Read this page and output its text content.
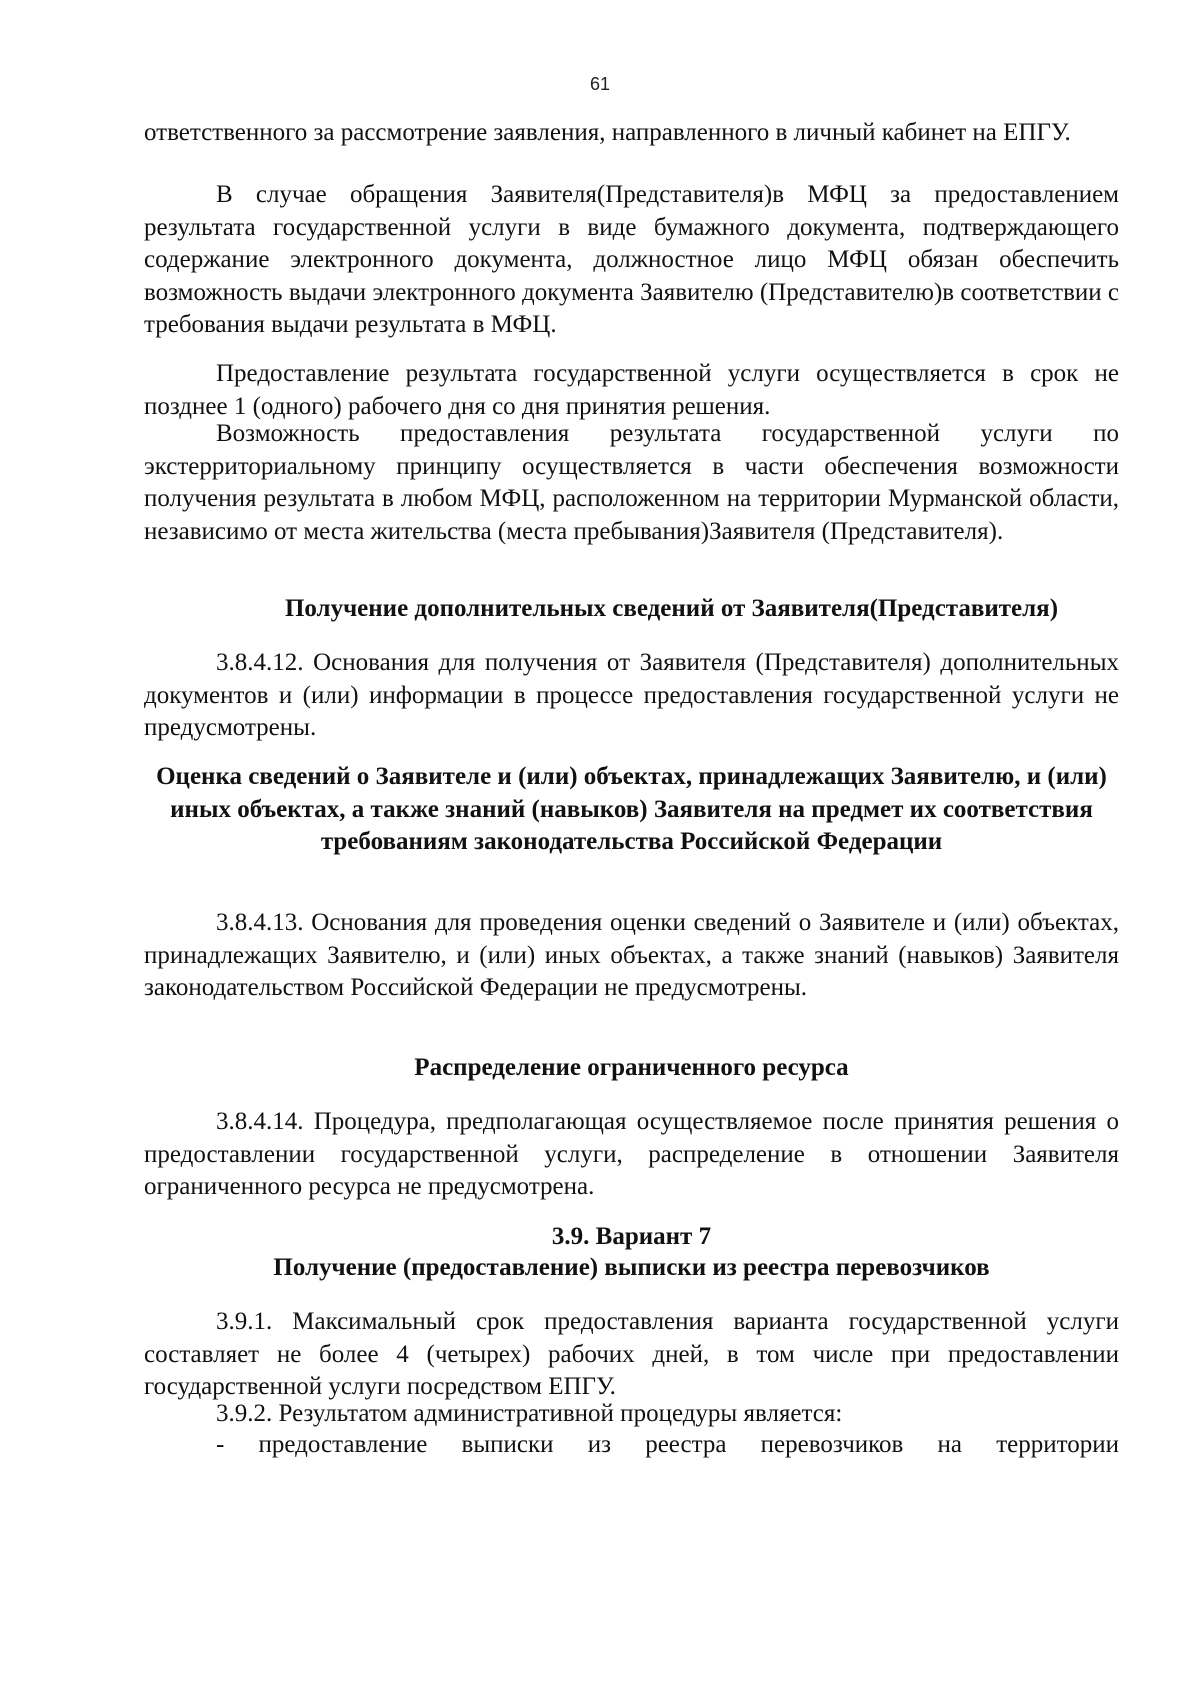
61

ответственного за рассмотрение заявления, направленного в личный кабинет на ЕПГУ.

В случае обращения Заявителя(Представителя)в МФЦ за предоставлением результата государственной услуги в виде бумажного документа, подтверждающего содержание электронного документа, должностное лицо МФЦ обязан обеспечить возможность выдачи электронного документа Заявителю (Представителю)в соответствии с требования выдачи результата в МФЦ.

Предоставление результата государственной услуги осуществляется в срок не позднее 1 (одного) рабочего дня со дня принятия решения.

Возможность предоставления результата государственной услуги по экстерриториальному принципу осуществляется в части обеспечения возможности получения результата в любом МФЦ, расположенном на территории Мурманской области, независимо от места жительства (места пребывания)Заявителя (Представителя).

Получение дополнительных сведений от Заявителя(Представителя)

3.8.4.12. Основания для получения от Заявителя (Представителя) дополнительных документов и (или) информации в процессе предоставления государственной услуги не предусмотрены.

Оценка сведений о Заявителе и (или) объектах, принадлежащих Заявителю, и (или) иных объектах, а также знаний (навыков) Заявителя на предмет их соответствия требованиям законодательства Российской Федерации

3.8.4.13. Основания для проведения оценки сведений о Заявителе и (или) объектах, принадлежащих Заявителю, и (или) иных объектах, а также знаний (навыков) Заявителя законодательством Российской Федерации не предусмотрены.

Распределение ограниченного ресурса

3.8.4.14. Процедура, предполагающая осуществляемое после принятия решения о предоставлении государственной услуги, распределение в отношении Заявителя ограниченного ресурса не предусмотрена.

3.9. Вариант 7
Получение (предоставление) выписки из реестра перевозчиков

3.9.1. Максимальный срок предоставления варианта государственной услуги составляет не более 4 (четырех) рабочих дней, в том числе при предоставлении государственной услуги посредством ЕПГУ.

3.9.2. Результатом административной процедуры является:

- предоставление выписки из реестра перевозчиков на территории
